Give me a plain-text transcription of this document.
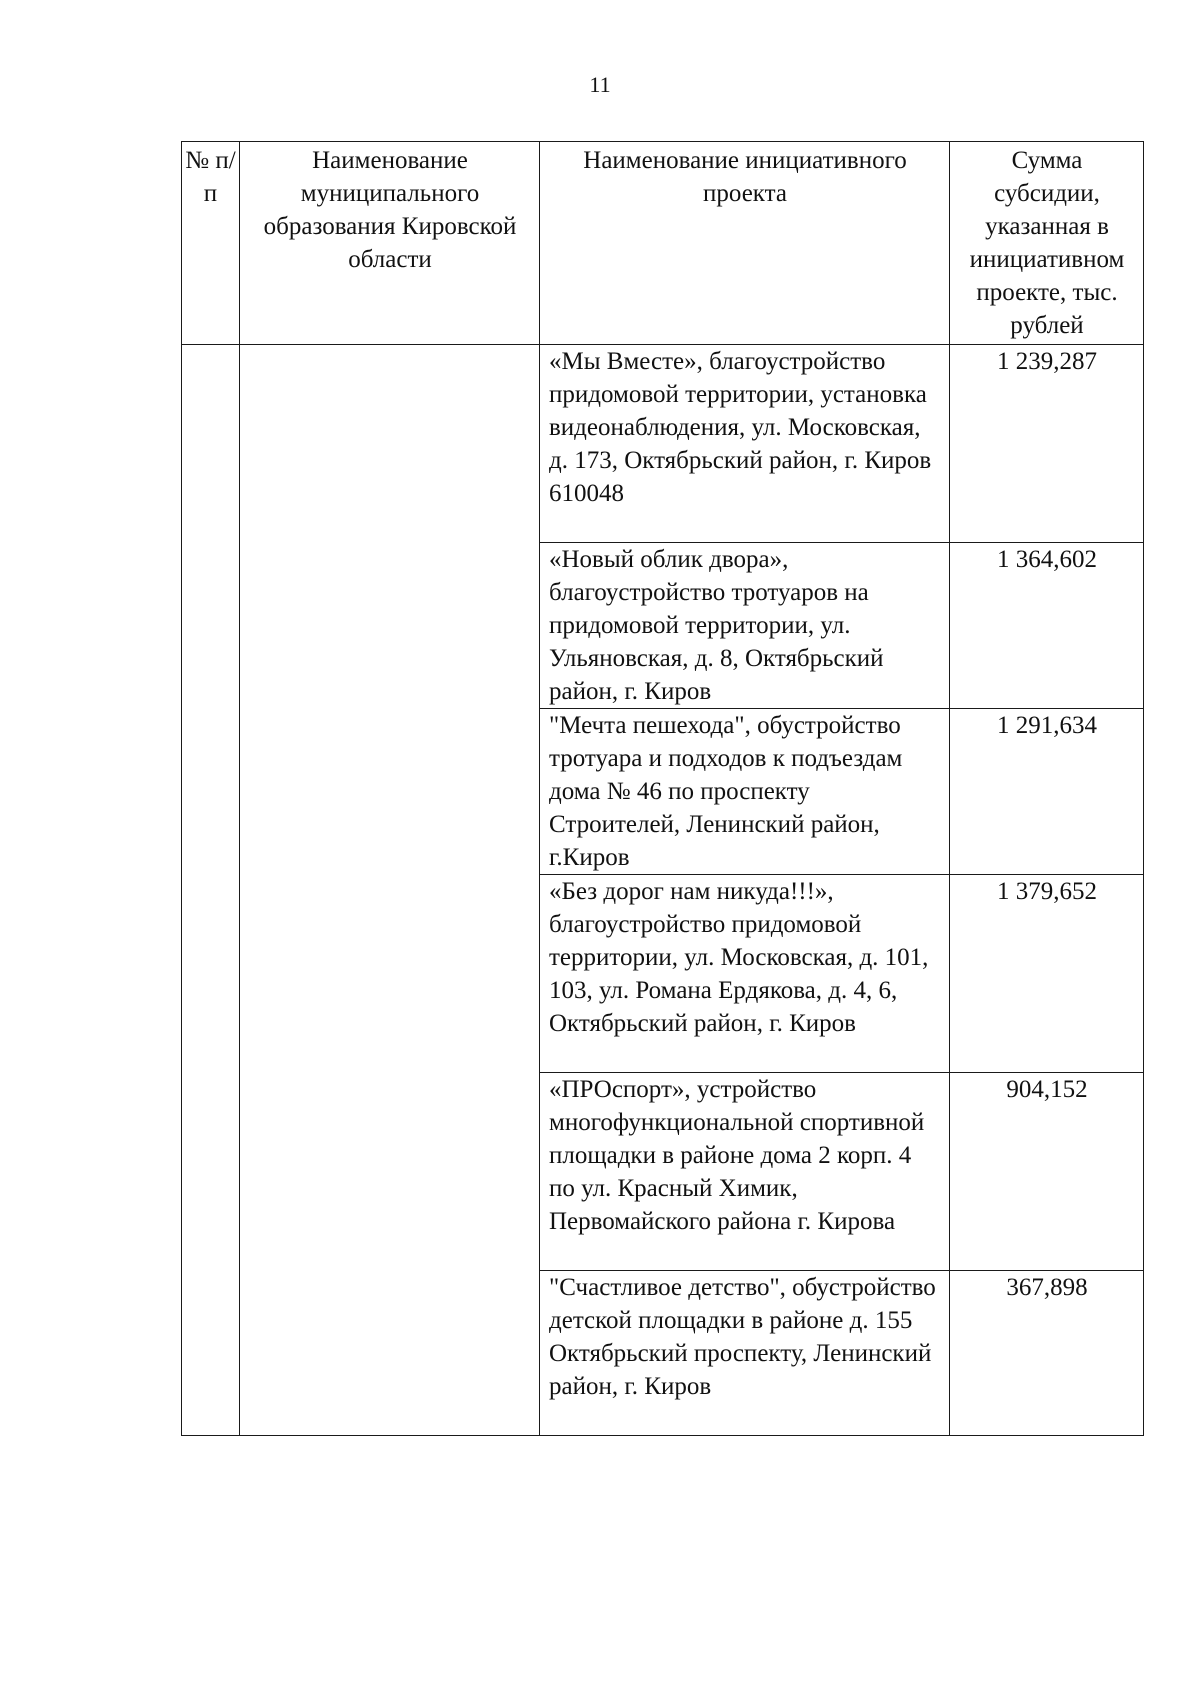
11
№ п/п	Наименование муниципального образования Кировской области	Наименование инициативного проекта	Сумма субсидии, указанная в инициативном проекте, тыс. рублей
		«Мы Вместе», благоустройство придомовой территории, установка видеонаблюдения, ул. Московская, д. 173, Октябрьский район, г. Киров 610048	1 239,287
		«Новый облик двора», благоустройство тротуаров на придомовой территории, ул. Ульяновская, д. 8, Октябрьский район, г. Киров	1 364,602
		"Мечта пешехода", обустройство тротуара и подходов к подъездам дома № 46 по проспекту Строителей, Ленинский район, г.Киров	1 291,634
		«Без дорог нам никуда!!!», благоустройство придомовой территории, ул. Московская, д. 101, 103, ул. Романа Ердякова, д. 4, 6, Октябрьский район, г. Киров	1 379,652
		«ПРОспорт», устройство многофункциональной спортивной площадки в районе дома 2 корп. 4 по ул. Красный Химик, Первомайского района г. Кирова	904,152
		"Счастливое детство", обустройство детской площадки в районе д. 155 Октябрьский проспекту, Ленинский район, г. Киров	367,898
